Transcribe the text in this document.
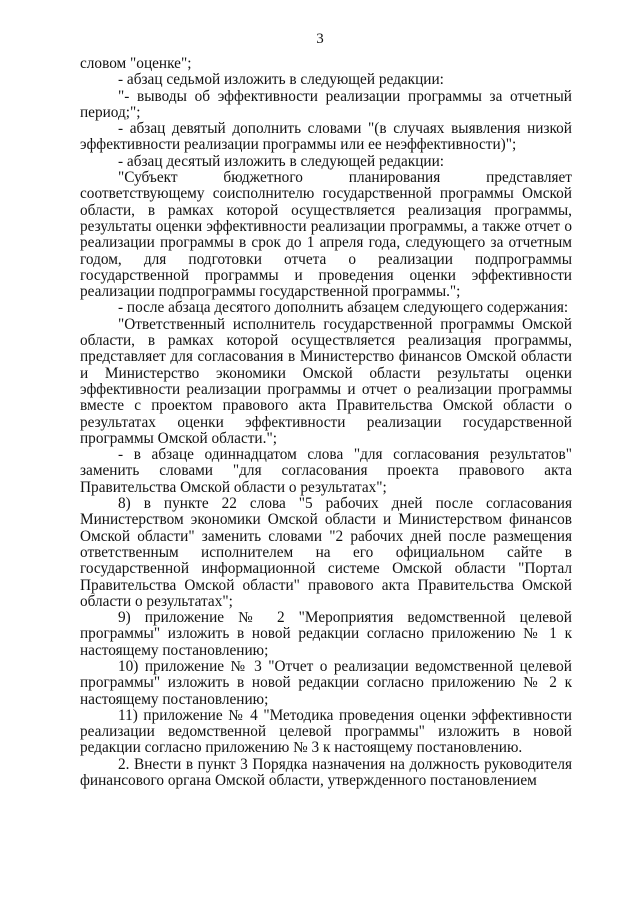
3

словом "оценке";

- абзац седьмой изложить в следующей редакции:

"- выводы об эффективности реализации программы за отчетный период;";

- абзац девятый дополнить словами "(в случаях выявления низкой эффективности реализации программы или ее неэффективности)";

- абзац десятый изложить в следующей редакции:

"Субъект бюджетного планирования представляет соответствующему соисполнителю государственной программы Омской области, в рамках которой осуществляется реализация программы, результаты оценки эффективности реализации программы, а также отчет о реализации программы в срок до 1 апреля года, следующего за отчетным годом, для подготовки отчета о реализации подпрограммы государственной программы и проведения оценки эффективности реализации подпрограммы государственной программы.";

- после абзаца десятого дополнить абзацем следующего содержания:

"Ответственный исполнитель государственной программы Омской области, в рамках которой осуществляется реализация программы, представляет для согласования в Министерство финансов Омской области и Министерство экономики Омской области результаты оценки эффективности реализации программы и отчет о реализации программы вместе с проектом правового акта Правительства Омской области о результатах оценки эффективности реализации государственной программы Омской области.";

- в абзаце одиннадцатом слова "для согласования результатов" заменить словами "для согласования проекта правового акта Правительства Омской области о результатах";

8) в пункте 22 слова "5 рабочих дней после согласования Министерством экономики Омской области и Министерством финансов Омской области" заменить словами "2 рабочих дней после размещения ответственным исполнителем на его официальном сайте в государственной информационной системе Омской области "Портал Правительства Омской области" правового акта Правительства Омской области о результатах";

9) приложение № 2 "Мероприятия ведомственной целевой программы" изложить в новой редакции согласно приложению № 1 к настоящему постановлению;

10) приложение № 3 "Отчет о реализации ведомственной целевой программы" изложить в новой редакции согласно приложению № 2 к настоящему постановлению;

11) приложение № 4 "Методика проведения оценки эффективности реализации ведомственной целевой программы" изложить в новой редакции согласно приложению № 3 к настоящему постановлению.

2. Внести в пункт 3 Порядка назначения на должность руководителя финансового органа Омской области, утвержденного постановлением
